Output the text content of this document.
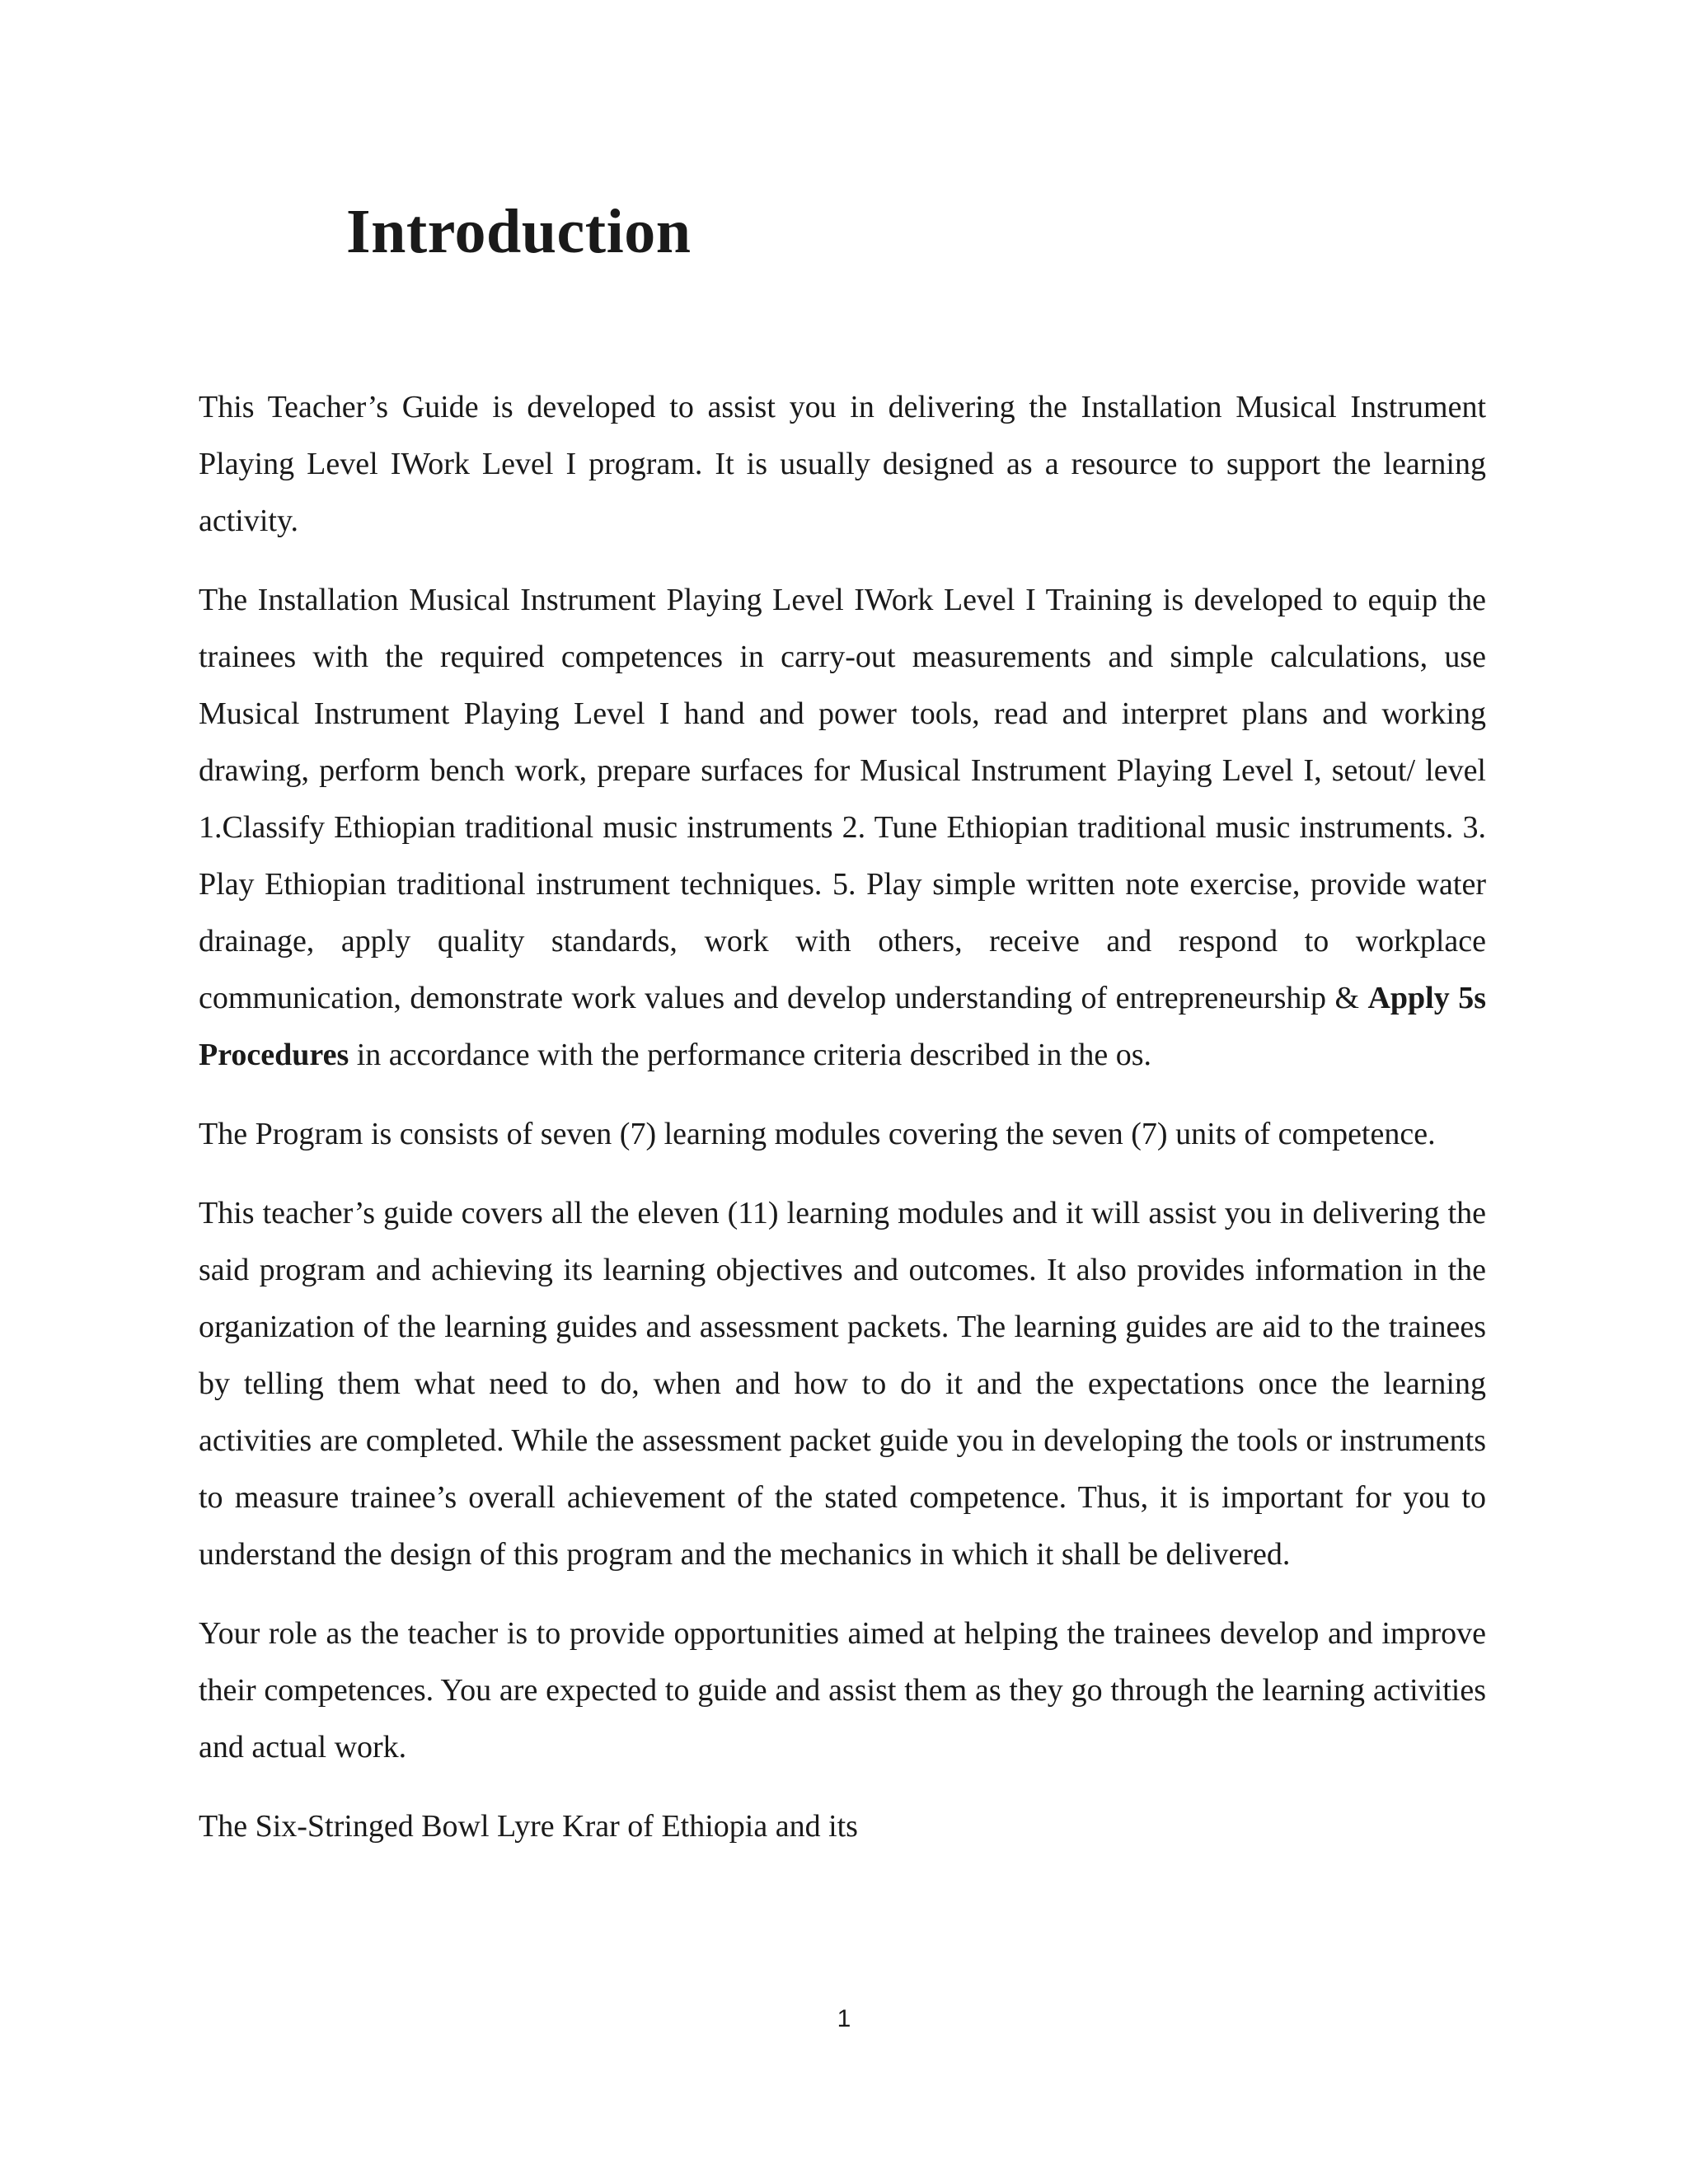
Introduction

This Teacher’s Guide is developed to assist you in delivering the Installation Musical Instrument Playing Level IWork Level I program. It is usually designed as a resource to support the learning activity.

The Installation Musical Instrument Playing Level IWork Level I Training is developed to equip the trainees with the required competences in carry-out measurements and simple calculations, use Musical Instrument Playing Level I hand and power tools, read and interpret plans and working drawing, perform bench work, prepare surfaces for Musical Instrument Playing Level I, setout/ level 1.Classify Ethiopian traditional music instruments 2. Tune Ethiopian traditional music instruments. 3. Play Ethiopian traditional instrument techniques. 5. Play simple written note exercise, provide water drainage, apply quality standards, work with others, receive and respond to workplace communication, demonstrate work values and develop understanding of entrepreneurship & Apply 5s Procedures in accordance with the performance criteria described in the os.

The Program is consists of seven (7) learning modules covering the seven (7) units of competence.

This teacher’s guide covers all the eleven (11) learning modules and it will assist you in delivering the said program and achieving its learning objectives and outcomes. It also provides information in the organization of the learning guides and assessment packets. The learning guides are aid to the trainees by telling them what need to do, when and how to do it and the expectations once the learning activities are completed. While the assessment packet guide you in developing the tools or instruments to measure trainee’s overall achievement of the stated competence. Thus, it is important for you to understand the design of this program and the mechanics in which it shall be delivered.

Your role as the teacher is to provide opportunities aimed at helping the trainees develop and improve their competences. You are expected to guide and assist them as they go through the learning activities and actual work.

The Six-Stringed Bowl Lyre Krar of Ethiopia and its

1
